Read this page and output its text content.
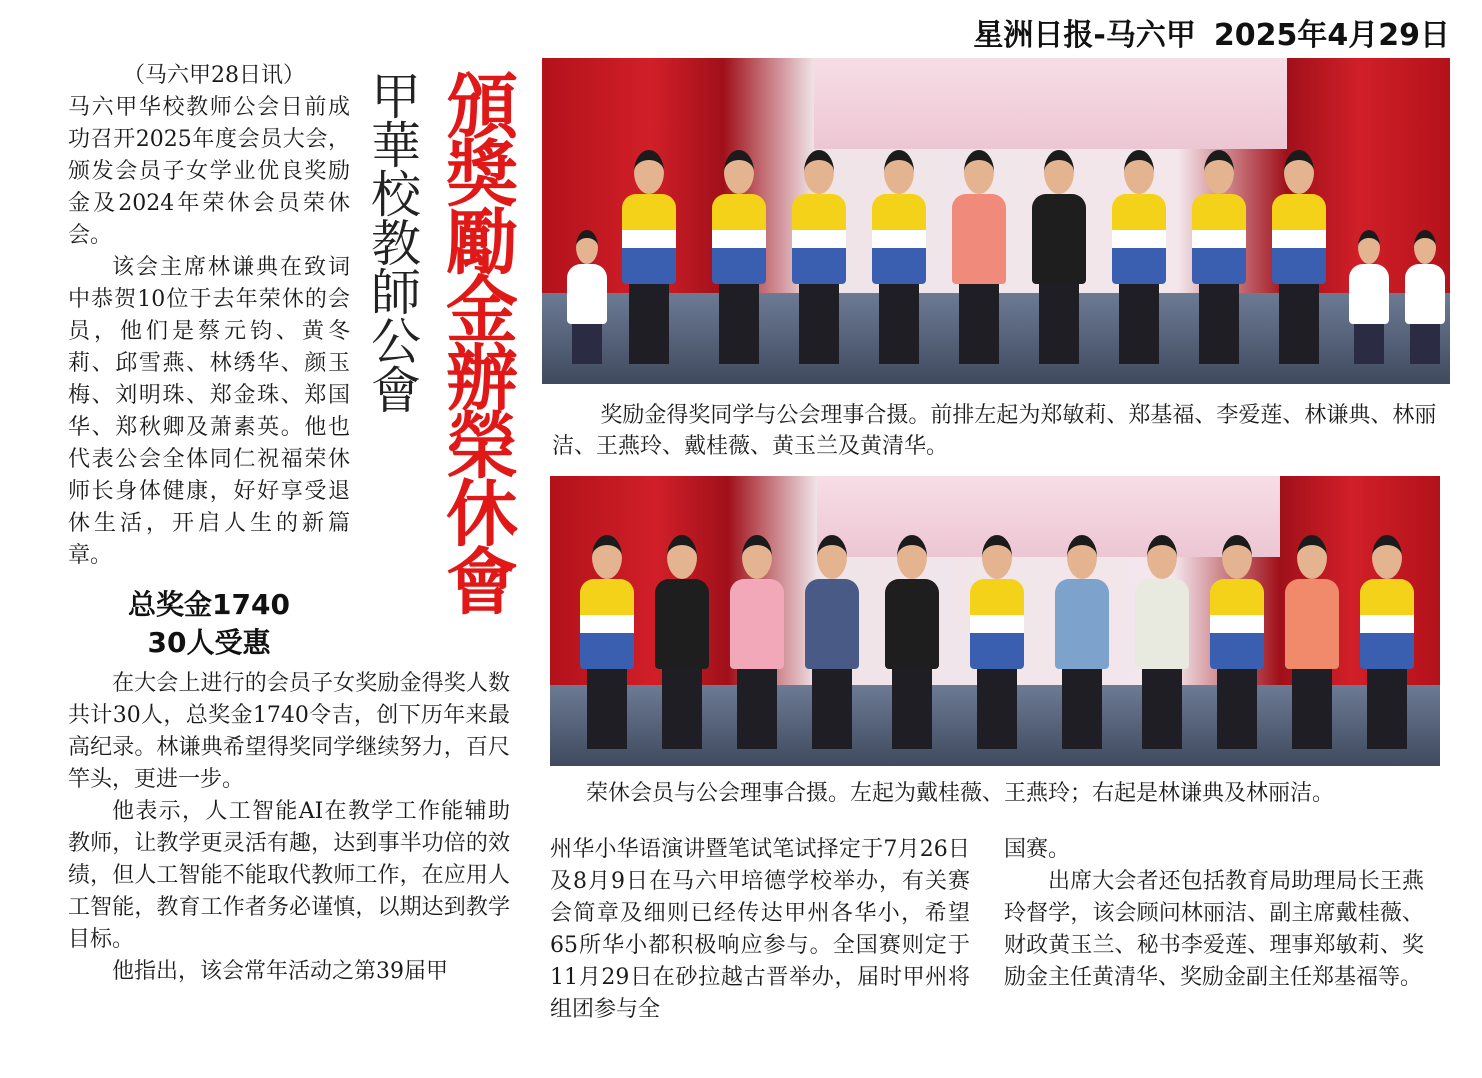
星洲日报-马六甲 2025年4月29日
頒獎勵金辦榮休會
甲華校教師公會

（马六甲28日讯）

马六甲华校教师公会日前成功召开2025年度会员大会，颁发会员子女学业优良奖励金及2024年荣休会员荣休会。

该会主席林谦典在致词中恭贺10位于去年荣休的会员，他们是蔡元钧、黄冬莉、邱雪燕、林绣华、颜玉梅、刘明珠、郑金珠、郑国华、郑秋卿及萧素英。他也代表公会全体同仁祝福荣休师长身体健康，好好享受退休生活，开启人生的新篇章。

总奖金1740
30人受惠

在大会上进行的会员子女奖励金得奖人数共计30人，总奖金1740令吉，创下历年来最高纪录。林谦典希望得奖同学继续努力，百尺竿头，更进一步。

他表示，人工智能AI在教学工作能辅助教师，让教学更灵活有趣，达到事半功倍的效绩，但人工智能不能取代教师工作，在应用人工智能，教育工作者务必谨慎，以期达到教学目标。

他指出，该会常年活动之第39届甲

奖励金得奖同学与公会理事合摄。前排左起为郑敏莉、郑基福、李爱莲、林谦典、林丽洁、王燕玲、戴桂薇、黄玉兰及黄清华。
荣休会员与公会理事合摄。左起为戴桂薇、王燕玲；右起是林谦典及林丽洁。

州华小华语演讲暨笔试笔试择定于7月26日及8月9日在马六甲培德学校举办，有关赛会简章及细则已经传达甲州各华小，希望65所华小都积极响应参与。全国赛则定于11月29日在砂拉越古晋举办，届时甲州将组团参与全

国赛。

出席大会者还包括教育局助理局长王燕玲督学，该会顾问林丽洁、副主席戴桂薇、财政黄玉兰、秘书李爱莲、理事郑敏莉、奖励金主任黄清华、奖励金副主任郑基福等。
